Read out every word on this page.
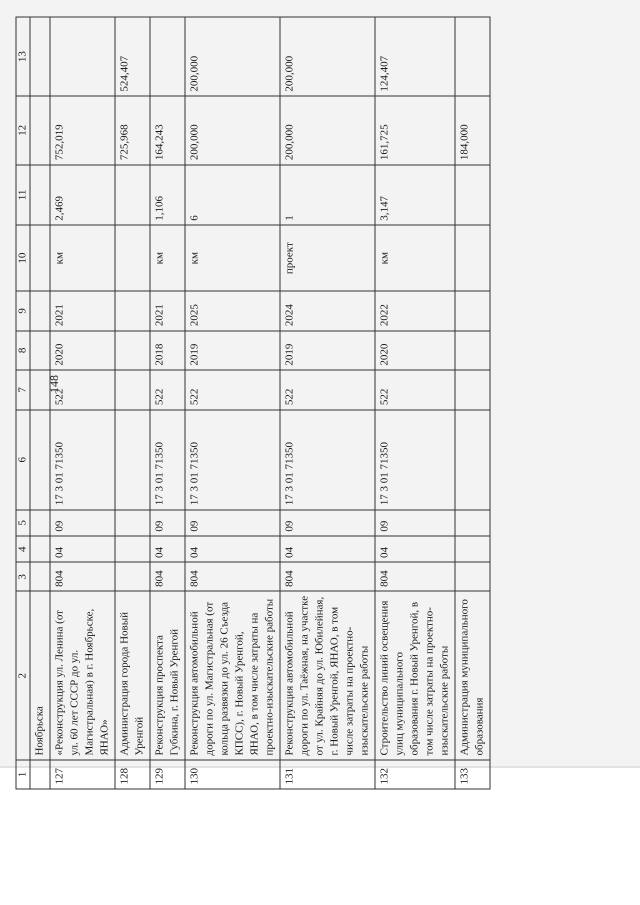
148
1	2	3	4	5	6	7	8	9	10	11	12	13
	Ноябрьска											
127	«Реконструкция ул. Ленина (от ул. 60 лет СССР до ул. Магистральная) в г. Ноябрьске, ЯНАО»	804	04	09	17 3 01 71350	522	2020	2021	км	2,469	752,019	
128	Администрация города Новый Уренгой										725,968	524,407
129	Реконструкция проспекта Губкина, г. Новый Уренгой	804	04	09	17 3 01 71350	522	2018	2021	км	1,106	164,243	
130	Реконструкция автомобильной дороги по ул. Магистральная (от кольца развязки до ул. 26 Съезда КПСС), г. Новый Уренгой, ЯНАО, в том числе затраты на проектно-изыскательские работы	804	04	09	17 3 01 71350	522	2019	2025	км	6	200,000	200,000
131	Реконструкция автомобильной дороги по ул. Таёжная, на участке от ул. Крайняя до ул. Юбилейная, г. Новый Уренгой, ЯНАО, в том числе затраты на проектно-изыскательские работы	804	04	09	17 3 01 71350	522	2019	2024	проект	1	200,000	200,000
132	Строительство линий освещения улиц муниципального образования г. Новый Уренгой, в том числе затраты на проектно-изыскательские работы	804	04	09	17 3 01 71350	522	2020	2022	км	3,147	161,725	124,407
133	Администрация муниципального образования										184,000	
